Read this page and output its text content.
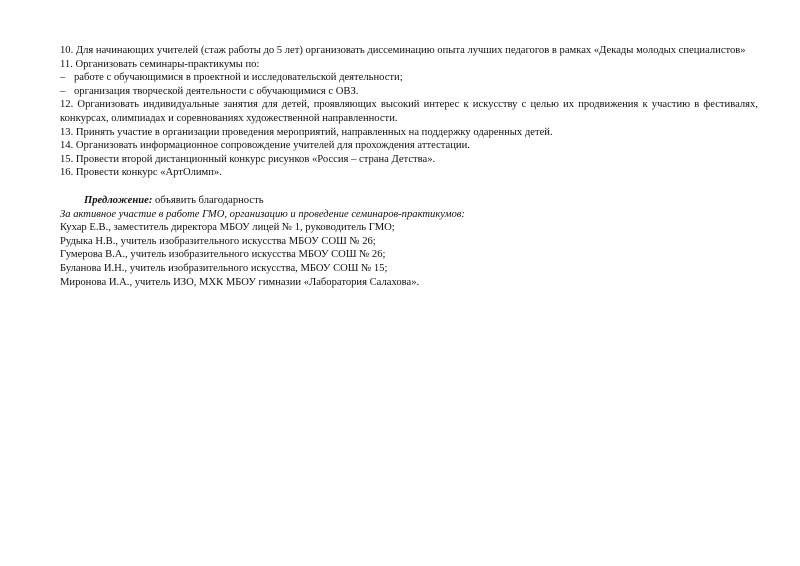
10. Для начинающих учителей (стаж работы до 5 лет) организовать диссеминацию опыта лучших педагогов в рамках «Декады молодых специалистов»

11. Организовать семинары-практикумы по:

– работе с обучающимися в проектной и исследовательской деятельности;

– организация творческой деятельности с обучающимися с ОВЗ.

12. Организовать индивидуальные занятия для детей, проявляющих высокий интерес к искусству с целью их продвижения к участию в фестивалях, конкурсах, олимпиадах и соревнованиях художественной направленности.

13. Принять участие в организации проведения мероприятий, направленных на поддержку одаренных детей.

14. Организовать информационное сопровождение учителей для прохождения аттестации.

15. Провести второй дистанционный конкурс рисунков «Россия – страна Детства».

16. Провести конкурс «АртОлимп».

Предложение: объявить благодарность

За активное участие в работе ГМО, организацию и проведение семинаров-практикумов:

Кухар Е.В., заместитель директора МБОУ лицей № 1, руководитель ГМО;

Рудыка Н.В., учитель изобразительного искусства МБОУ СОШ № 26;

Гумерова В.А., учитель изобразительного искусства МБОУ СОШ № 26;

Буланова И.Н., учитель изобразительного искусства, МБОУ СОШ № 15;

Миронова И.А., учитель ИЗО, МХК МБОУ гимназии «Лаборатория Салахова».
